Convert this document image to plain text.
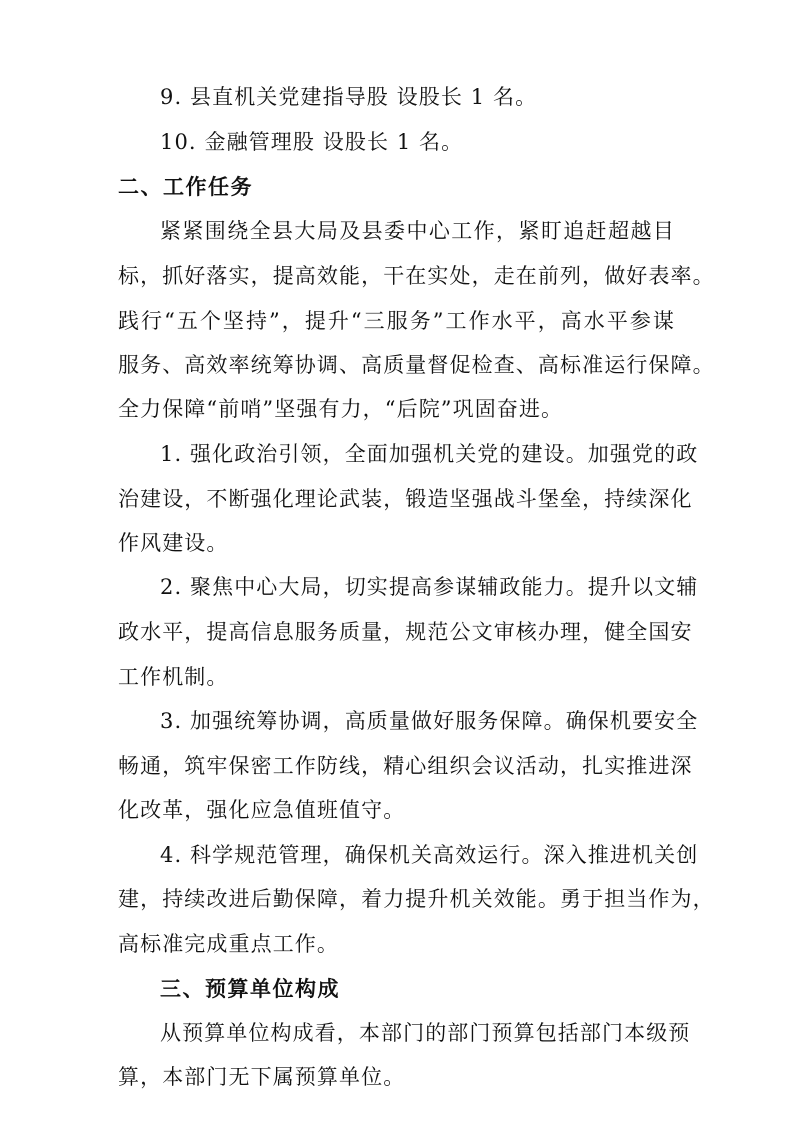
9. 县直机关党建指导股 设股长 1 名。
10. 金融管理股 设股长 1 名。
二、工作任务
紧紧围绕全县大局及县委中心工作，紧盯追赶超越目
标，抓好落实，提高效能，干在实处，走在前列，做好表率。
践行“五个坚持”，提升“三服务”工作水平，高水平参谋
服务、高效率统筹协调、高质量督促检查、高标准运行保障。
全力保障“前哨”坚强有力，“后院”巩固奋进。
1. 强化政治引领，全面加强机关党的建设。加强党的政
治建设，不断强化理论武装，锻造坚强战斗堡垒，持续深化
作风建设。
2. 聚焦中心大局，切实提高参谋辅政能力。提升以文辅
政水平，提高信息服务质量，规范公文审核办理，健全国安
工作机制。
3. 加强统筹协调，高质量做好服务保障。确保机要安全
畅通，筑牢保密工作防线，精心组织会议活动，扎实推进深
化改革，强化应急值班值守。
4. 科学规范管理，确保机关高效运行。深入推进机关创
建，持续改进后勤保障，着力提升机关效能。勇于担当作为，
高标准完成重点工作。
三、预算单位构成
从预算单位构成看，本部门的部门预算包括部门本级预
算，本部门无下属预算单位。
